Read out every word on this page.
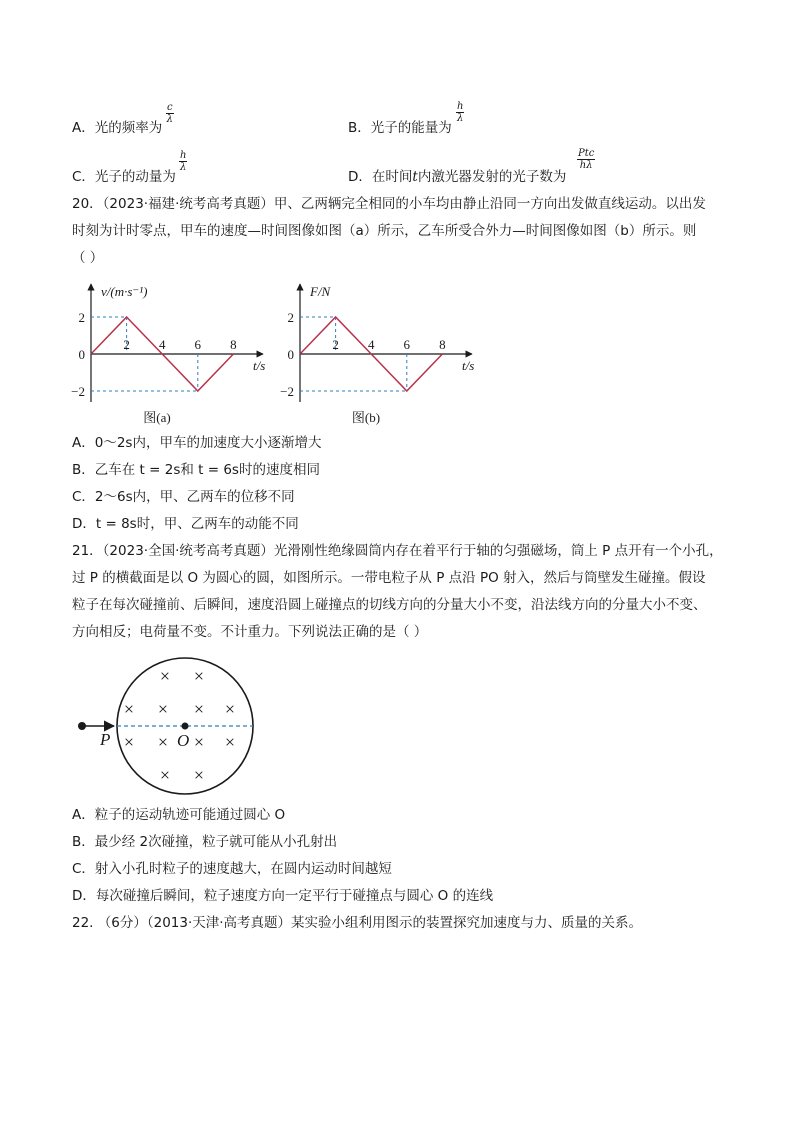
A．光的频率为
$\frac{c}{\lambda}$
B．光子的能量为
$\frac{h}{\lambda}$
C．光子的动量为
$\frac{h}{\lambda}$
D．在时间t内激光器发射的光子数为
Ptc
hλ
20．（2023·福建·统考高考真题）甲、乙两辆完全相同的小车均由静止沿同一方向出发做直线运动。以出发
时刻为计时零点，甲车的速度—时间图像如图（a）所示，乙车所受合外力—时间图像如图（b）所示。则
（ ）
2
0
−2
2 4 6 8
v/(m·s⁻¹)
t/s
图(a)
2
0
−2
2 4 6 8
F/N
t/s
图(b)
A．0～2s内，甲车的加速度大小逐渐增大
B．乙车在 t = 2s和 t = 6s时的速度相同
C．2～6s内，甲、乙两车的位移不同
D．t = 8s时，甲、乙两车的动能不同
21．（2023·全国·统考高考真题）光滑刚性绝缘圆筒内存在着平行于轴的匀强磁场，筒上 P 点开有一个小孔，
过 P 的横截面是以 O 为圆心的圆，如图所示。一带电粒子从 P 点沿 PO 射入，然后与筒壁发生碰撞。假设
粒子在每次碰撞前、后瞬间，速度沿圆上碰撞点的切线方向的分量大小不变，沿法线方向的分量大小不变、
方向相反；电荷量不变。不计重力。下列说法正确的是（ ）
P	O
× ×
× × × ×
× × × ×
× ×
A．粒子的运动轨迹可能通过圆心 O
B．最少经 2次碰撞，粒子就可能从小孔射出
C．射入小孔时粒子的速度越大，在圆内运动时间越短
D．每次碰撞后瞬间，粒子速度方向一定平行于碰撞点与圆心 O 的连线
22. （6分）（2013·天津·高考真题）某实验小组利用图示的装置探究加速度与力、质量的关系。
